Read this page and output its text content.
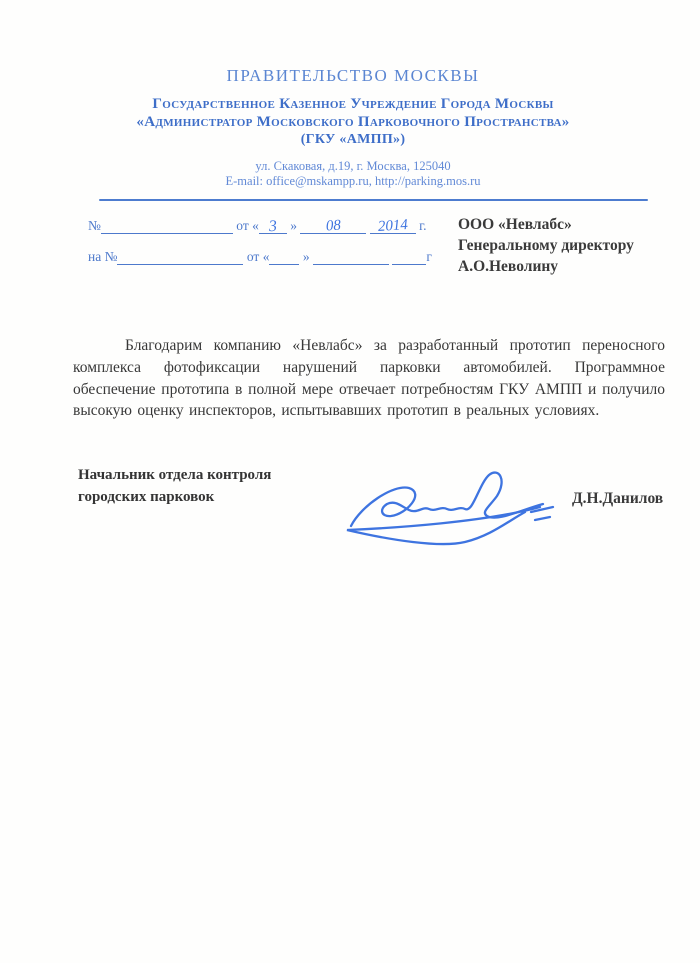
ПРАВИТЕЛЬСТВО МОСКВЫ
Государственное Казенное Учреждение Города Москвы
«Администратор Московского Парковочного Пространства»
(ГКУ «АМПП»)
ул. Скаковая, д.19, г. Москва, 125040
E-mail: office@mskampp.ru, http://parking.mos.ru
№	от « 3 » 08 2014 г.
на №	от « »	г
ООО «Невлабс»
Генеральному директору
А.О.Неволину
Благодарим компанию «Невлабс» за разработанный прототип переносного комплекса фотофиксации нарушений парковки автомобилей. Программное обеспечение прототипа в полной мере отвечает потребностям ГКУ АМПП и получило высокую оценку инспекторов, испытывавших прототип в реальных условиях.
Начальник отдела контроля
городских парковок	Д.Н.Данилов
